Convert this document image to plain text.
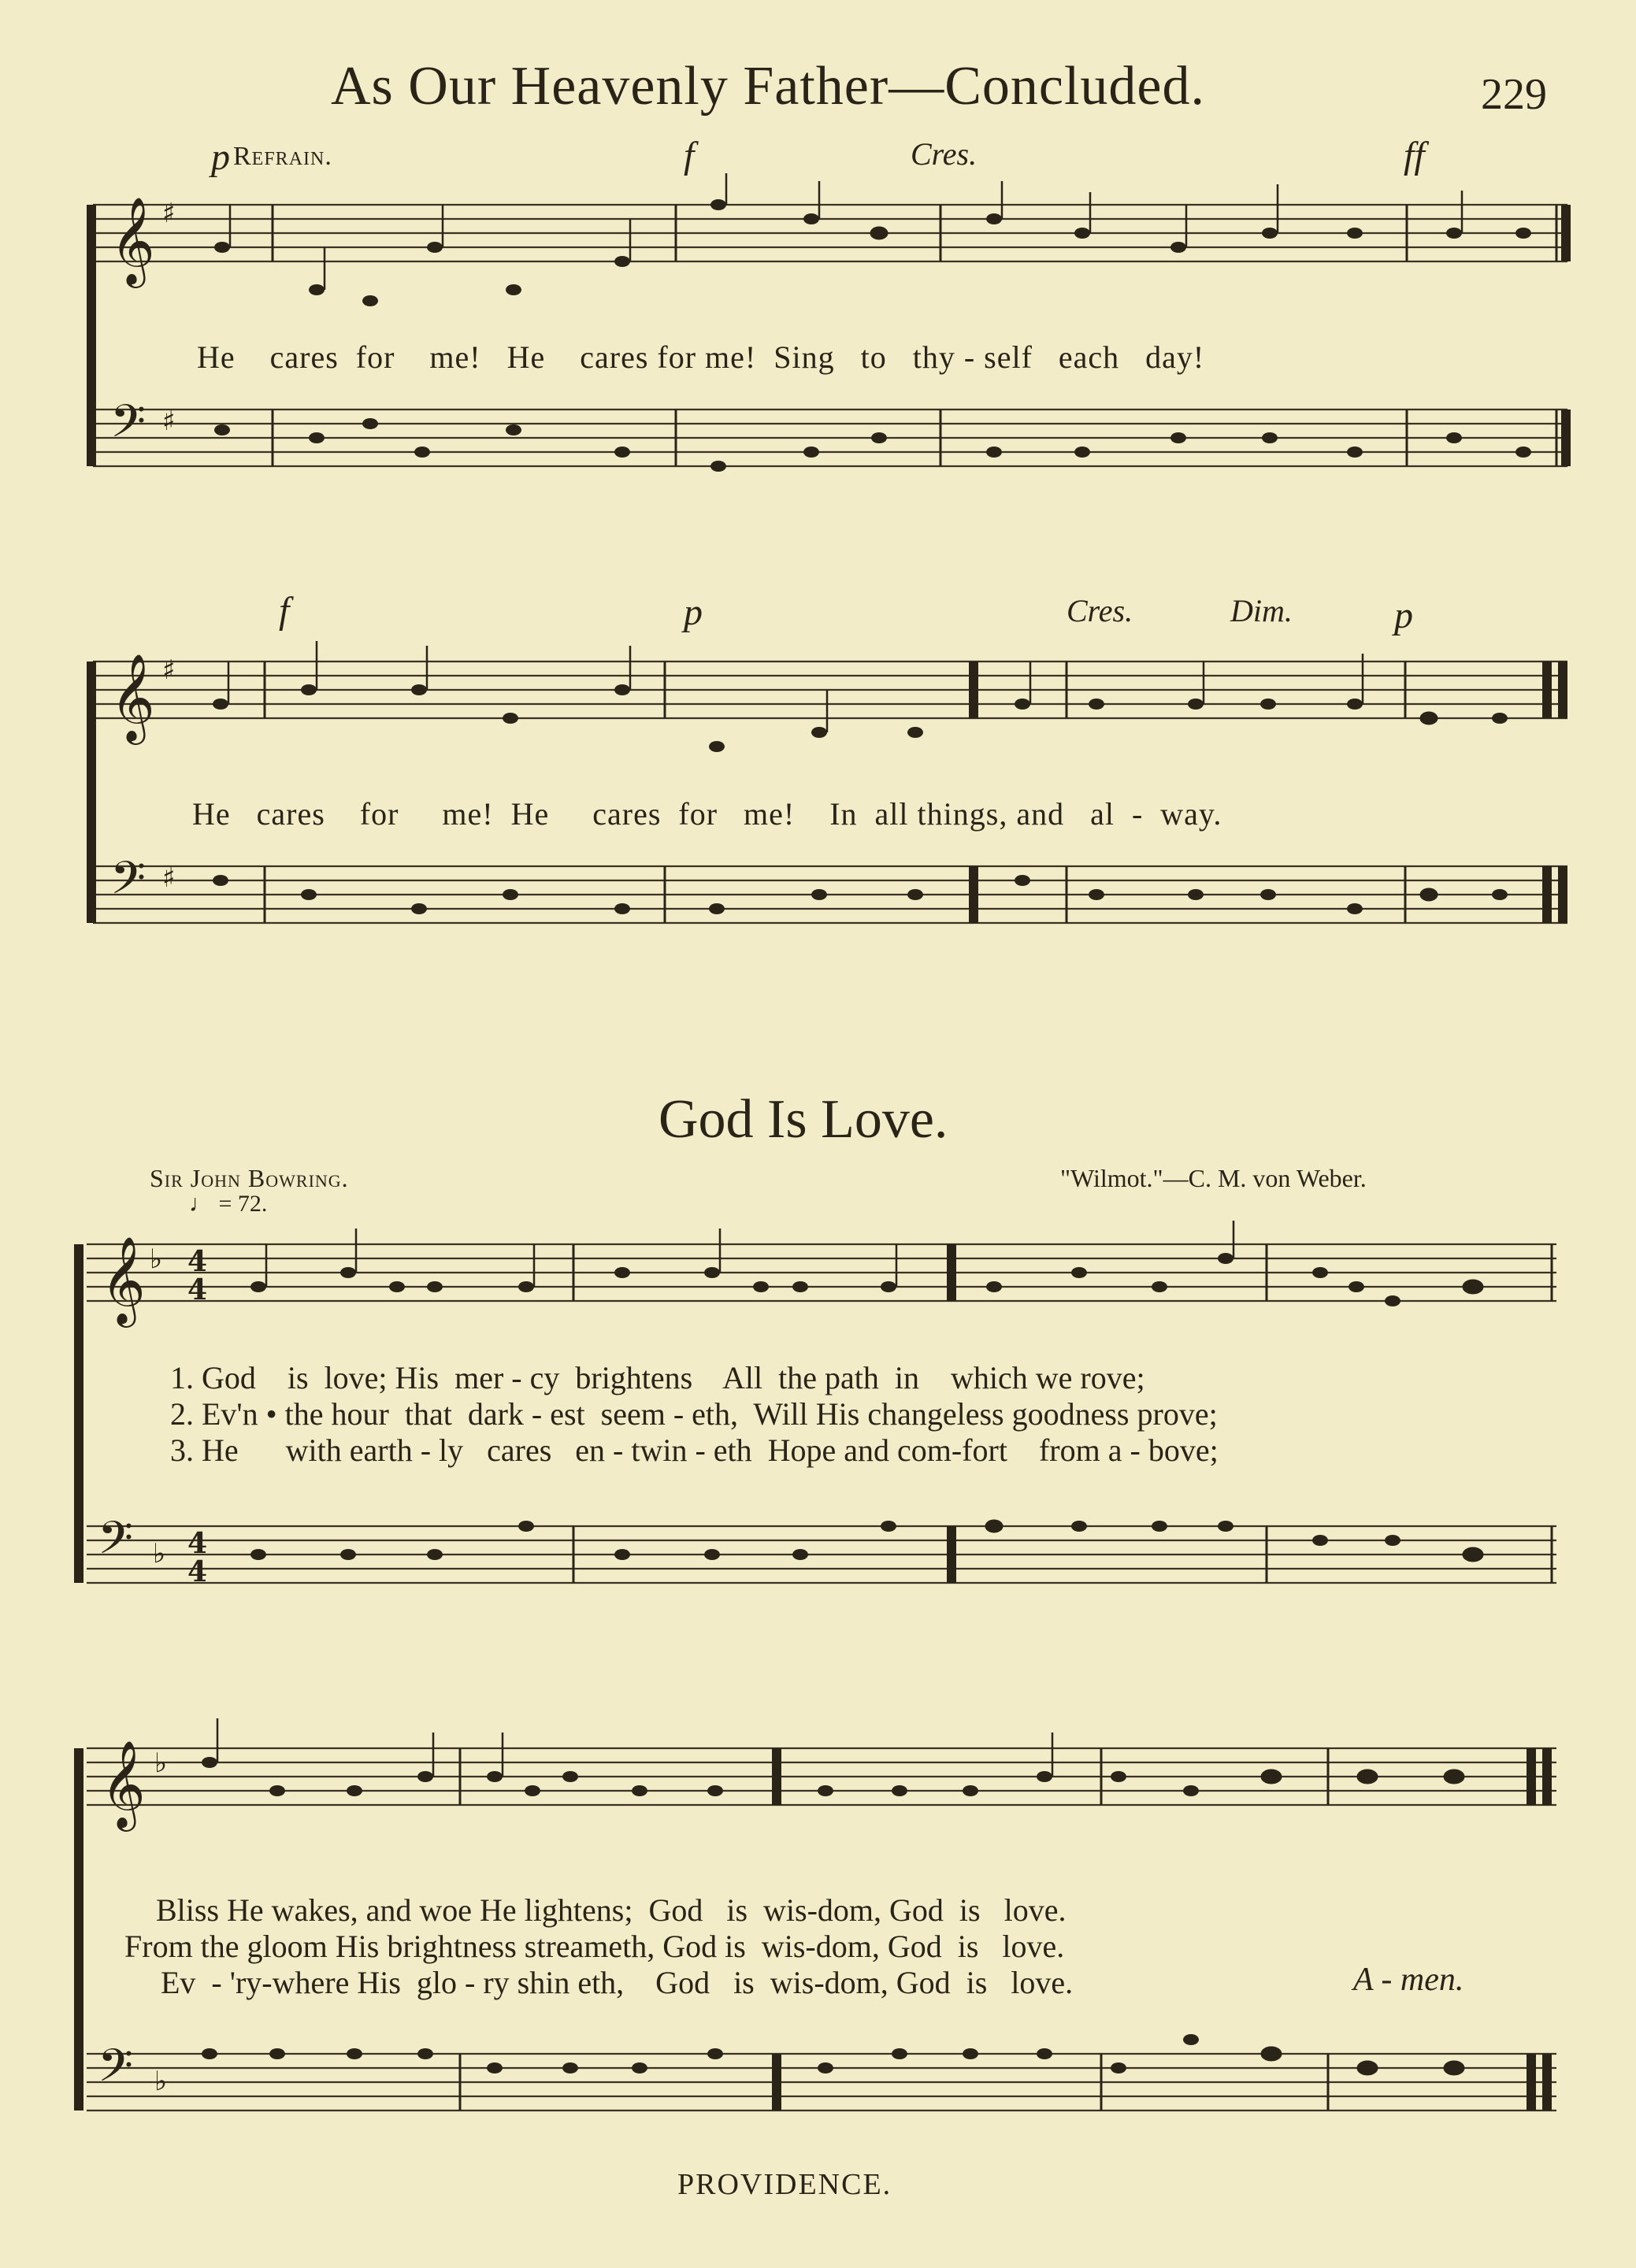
As Our Heavenly Father—Concluded.	229
p Refrain.	f	Cres.	ff
𝄞 ♯
𝄢 ♯
He    cares  for    me!   He    cares for me!  Sing   to   thy - self   each   day!
f	p	Cres.	Dim.	p
𝄞 ♯
𝄢 ♯
He   cares    for     me!  He     cares  for   me!    In  all things, and   al  -  way.
God Is Love.
Sir John Bowring.	"Wilmot."—C. M. von Weber.
♩ = 72.
𝄞 ♭ 4
4
𝄢 ♭ 4
4
1. God    is  love; His  mer - cy  brightens    All  the path  in    which we rove;
2. Ev'n • the hour  that  dark - est  seem - eth,  Will His changeless goodness prove;
3. He      with earth - ly   cares   en - twin - eth  Hope and com-fort    from a - bove;
𝄞 ♭
𝄢 ♭
Bliss He wakes, and woe He lightens;  God   is  wis-dom, God  is   love.
From the gloom His brightness streameth, God is  wis-dom, God  is   love.
Ev  - 'ry-where His  glo - ry shin eth,    God   is  wis-dom, God  is   love.	A - men.
PROVIDENCE.
